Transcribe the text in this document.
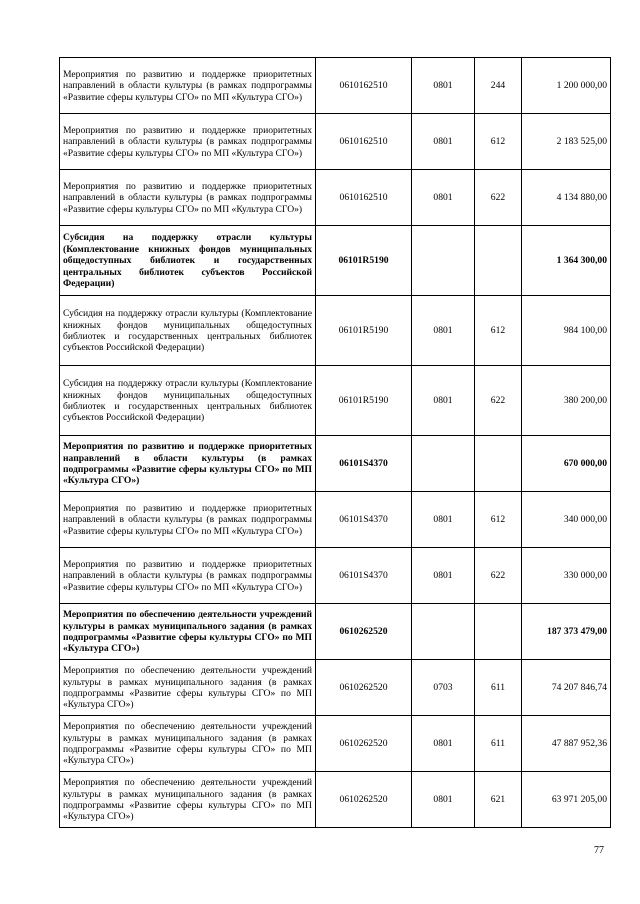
Мероприятия по развитию и поддержке приоритетных направлений в области культуры (в рамках подпрограммы «Развитие сферы культуры СГО» по МП «Культура СГО»)	0610162510	0801	244	1 200 000,00
Мероприятия по развитию и поддержке приоритетных направлений в области культуры (в рамках подпрограммы «Развитие сферы культуры СГО» по МП «Культура СГО»)	0610162510	0801	612	2 183 525,00
Мероприятия по развитию и поддержке приоритетных направлений в области культуры (в рамках подпрограммы «Развитие сферы культуры СГО» по МП «Культура СГО»)	0610162510	0801	622	4 134 880,00
Субсидия на поддержку отрасли культуры (Комплектование книжных фондов муниципальных общедоступных библиотек и государственных центральных библиотек субъектов Российской Федерации)	06101R5190			1 364 300,00
Субсидия на поддержку отрасли культуры (Комплектование книжных фондов муниципальных общедоступных библиотек и государственных центральных библиотек субъектов Российской Федерации)	06101R5190	0801	612	984 100,00
Субсидия на поддержку отрасли культуры (Комплектование книжных фондов муниципальных общедоступных библиотек и государственных центральных библиотек субъектов Российской Федерации)	06101R5190	0801	622	380 200,00
Мероприятия по развитию и поддержке приоритетных направлений в области культуры (в рамках подпрограммы «Развитие сферы культуры СГО» по МП «Культура СГО»)	06101S4370			670 000,00
Мероприятия по развитию и поддержке приоритетных направлений в области культуры (в рамках подпрограммы «Развитие сферы культуры СГО» по МП «Культура СГО»)	06101S4370	0801	612	340 000,00
Мероприятия по развитию и поддержке приоритетных направлений в области культуры (в рамках подпрограммы «Развитие сферы культуры СГО» по МП «Культура СГО»)	06101S4370	0801	622	330 000,00
Мероприятия по обеспечению деятельности учреждений культуры в рамках муниципального задания (в рамках подпрограммы «Развитие сферы культуры СГО» по МП «Культура СГО»)	0610262520			187 373 479,00
Мероприятия по обеспечению деятельности учреждений культуры в рамках муниципального задания (в рамках подпрограммы «Развитие сферы культуры СГО» по МП «Культура СГО»)	0610262520	0703	611	74 207 846,74
Мероприятия по обеспечению деятельности учреждений культуры в рамках муниципального задания (в рамках подпрограммы «Развитие сферы культуры СГО» по МП «Культура СГО»)	0610262520	0801	611	47 887 952,36
Мероприятия по обеспечению деятельности учреждений культуры в рамках муниципального задания (в рамках подпрограммы «Развитие сферы культуры СГО» по МП «Культура СГО»)	0610262520	0801	621	63 971 205,00
77
